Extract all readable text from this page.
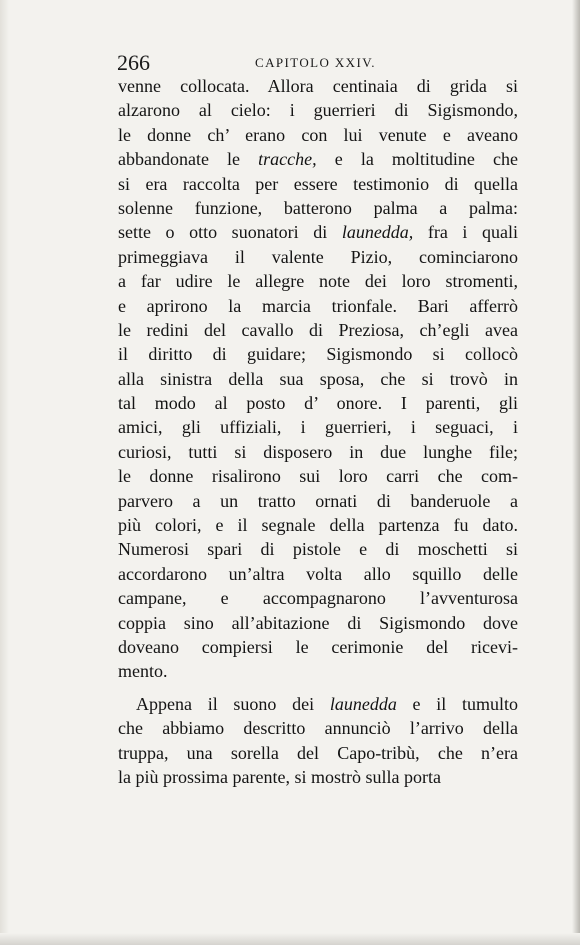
266	CAPITOLO XXIV.
venne collocata. Allora centinaia di grida si
alzarono al cielo: i guerrieri di Sigismondo,
le donne ch’ erano con lui venute e aveano
abbandonate le tracche, e la moltitudine che
si era raccolta per essere testimonio di quella
solenne funzione, batterono palma a palma:
sette o otto suonatori di launedda, fra i quali
primeggiava il valente Pizio, cominciarono
a far udire le allegre note dei loro stromenti,
e aprirono la marcia trionfale. Bari afferrò
le redini del cavallo di Preziosa, ch’egli avea
il diritto di guidare; Sigismondo si collocò
alla sinistra della sua sposa, che si trovò in
tal modo al posto d’ onore. I parenti, gli
amici, gli uffiziali, i guerrieri, i seguaci, i
curiosi, tutti si disposero in due lunghe file;
le donne risalirono sui loro carri che com-
parvero a un tratto ornati di banderuole a
più colori, e il segnale della partenza fu dato.
Numerosi spari di pistole e di moschetti si
accordarono un’altra volta allo squillo delle
campane, e accompagnarono l’avventurosa
coppia sino all’abitazione di Sigismondo dove
doveano compiersi le cerimonie del ricevi-
mento.
Appena il suono dei launedda e il tumulto
che abbiamo descritto annunciò l’arrivo della
truppa, una sorella del Capo-tribù, che n’era
la più prossima parente, si mostrò sulla porta
